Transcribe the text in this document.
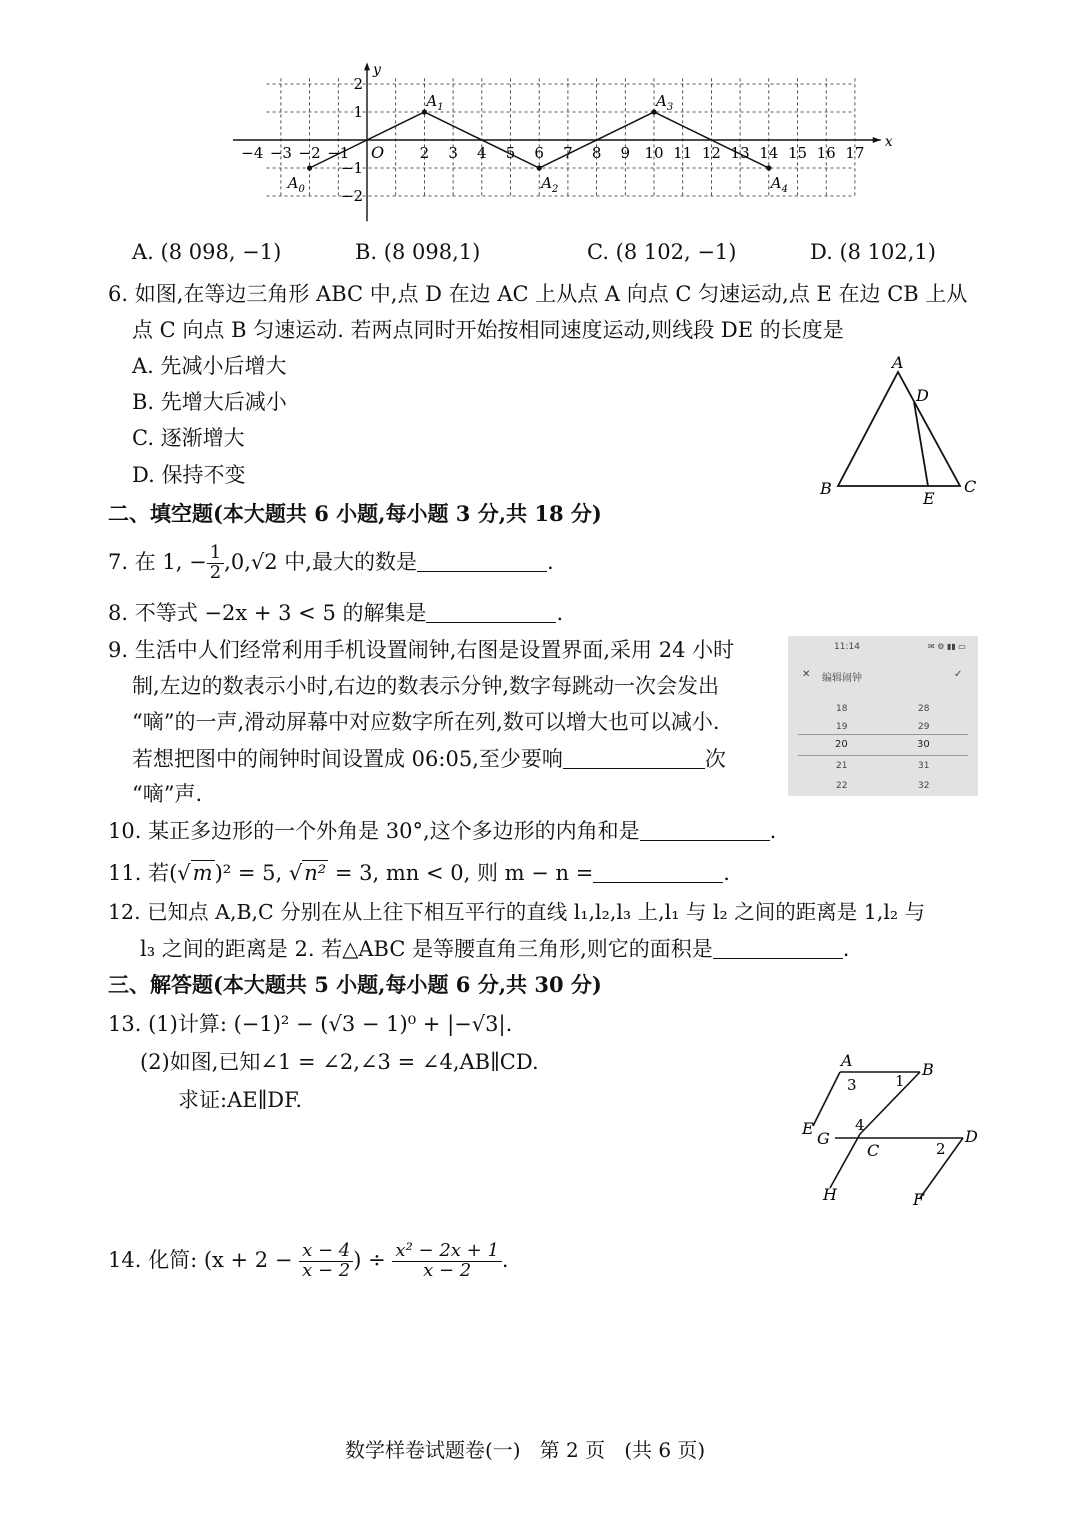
y
x
O
−4 −3 −2 −1	2 3 4 5 6 7 8 9 10 11 12 13 14 15 16 17
2
1
−1
−2
$A_0$
$A_1$
$A_2$
$A_3$
$A_4$
A. (8 098, −1)	B. (8 098,1)	C. (8 102, −1)	D. (8 102,1)
6. 如图,在等边三角形 ABC 中,点 D 在边 AC 上从点 A 向点 C 匀速运动,点 E 在边 CB 上从
点 C 向点 B 匀速运动. 若两点同时开始按相同速度运动,则线段 DE 的长度是
A. 先减小后增大
B. 先增大后减小
C. 逐渐增大
D. 保持不变
A
D
B
E
C
二、填空题(本大题共 6 小题,每小题 3 分,共 18 分)
7. 在 1, − $\frac{1}{2} ,0,√2$ 中,最大的数是	.
8. 不等式 −2x + 3 < 5 的解集是	.
9. 生活中人们经常利用手机设置闹钟,右图是设置界面,采用 24 小时
制,左边的数表示小时,右边的数表示分钟,数字每跳动一次会发出
“嘀”的一声,滑动屏幕中对应数字所在列,数可以增大也可以减小.
若想把图中的闹钟时间设置成 06:05,至少要响	次
“嘀”声.
11:14	✉ ⚙ ▮▮ ▭
✕ 编辑闹钟	✓
18	28
19	29
20	30
21	31
22	32
10. 某正多边形的一个外角是 30°,这个多边形的内角和是	.
11. 若(√m)² = 5, √n² = 3, mn < 0, 则 m − n =	.
12. 已知点 A,B,C 分别在从上往下相互平行的直线 l₁,l₂,l₃ 上,l₁ 与 l₂ 之间的距离是 1,l₂ 与
l₃ 之间的距离是 2. 若△ABC 是等腰直角三角形,则它的面积是	.
三、解答题(本大题共 5 小题,每小题 6 分,共 30 分)
13. (1)计算: (−1)² − (√3 − 1)⁰ + |−√3|.
(2)如图,已知∠1 = ∠2,∠3 = ∠4,AB∥CD.
求证:AE∥DF.
A	B
3	1
E
G
4
C	2
D
H	F
14. 化简: ($x + 2 - \frac{x - 4}{x - 2}$ ) ÷ $\frac{\text{x² − 2x + 1}}{x - 2}$ .
数学样卷试题卷(一)   第 2 页   (共 6 页)
